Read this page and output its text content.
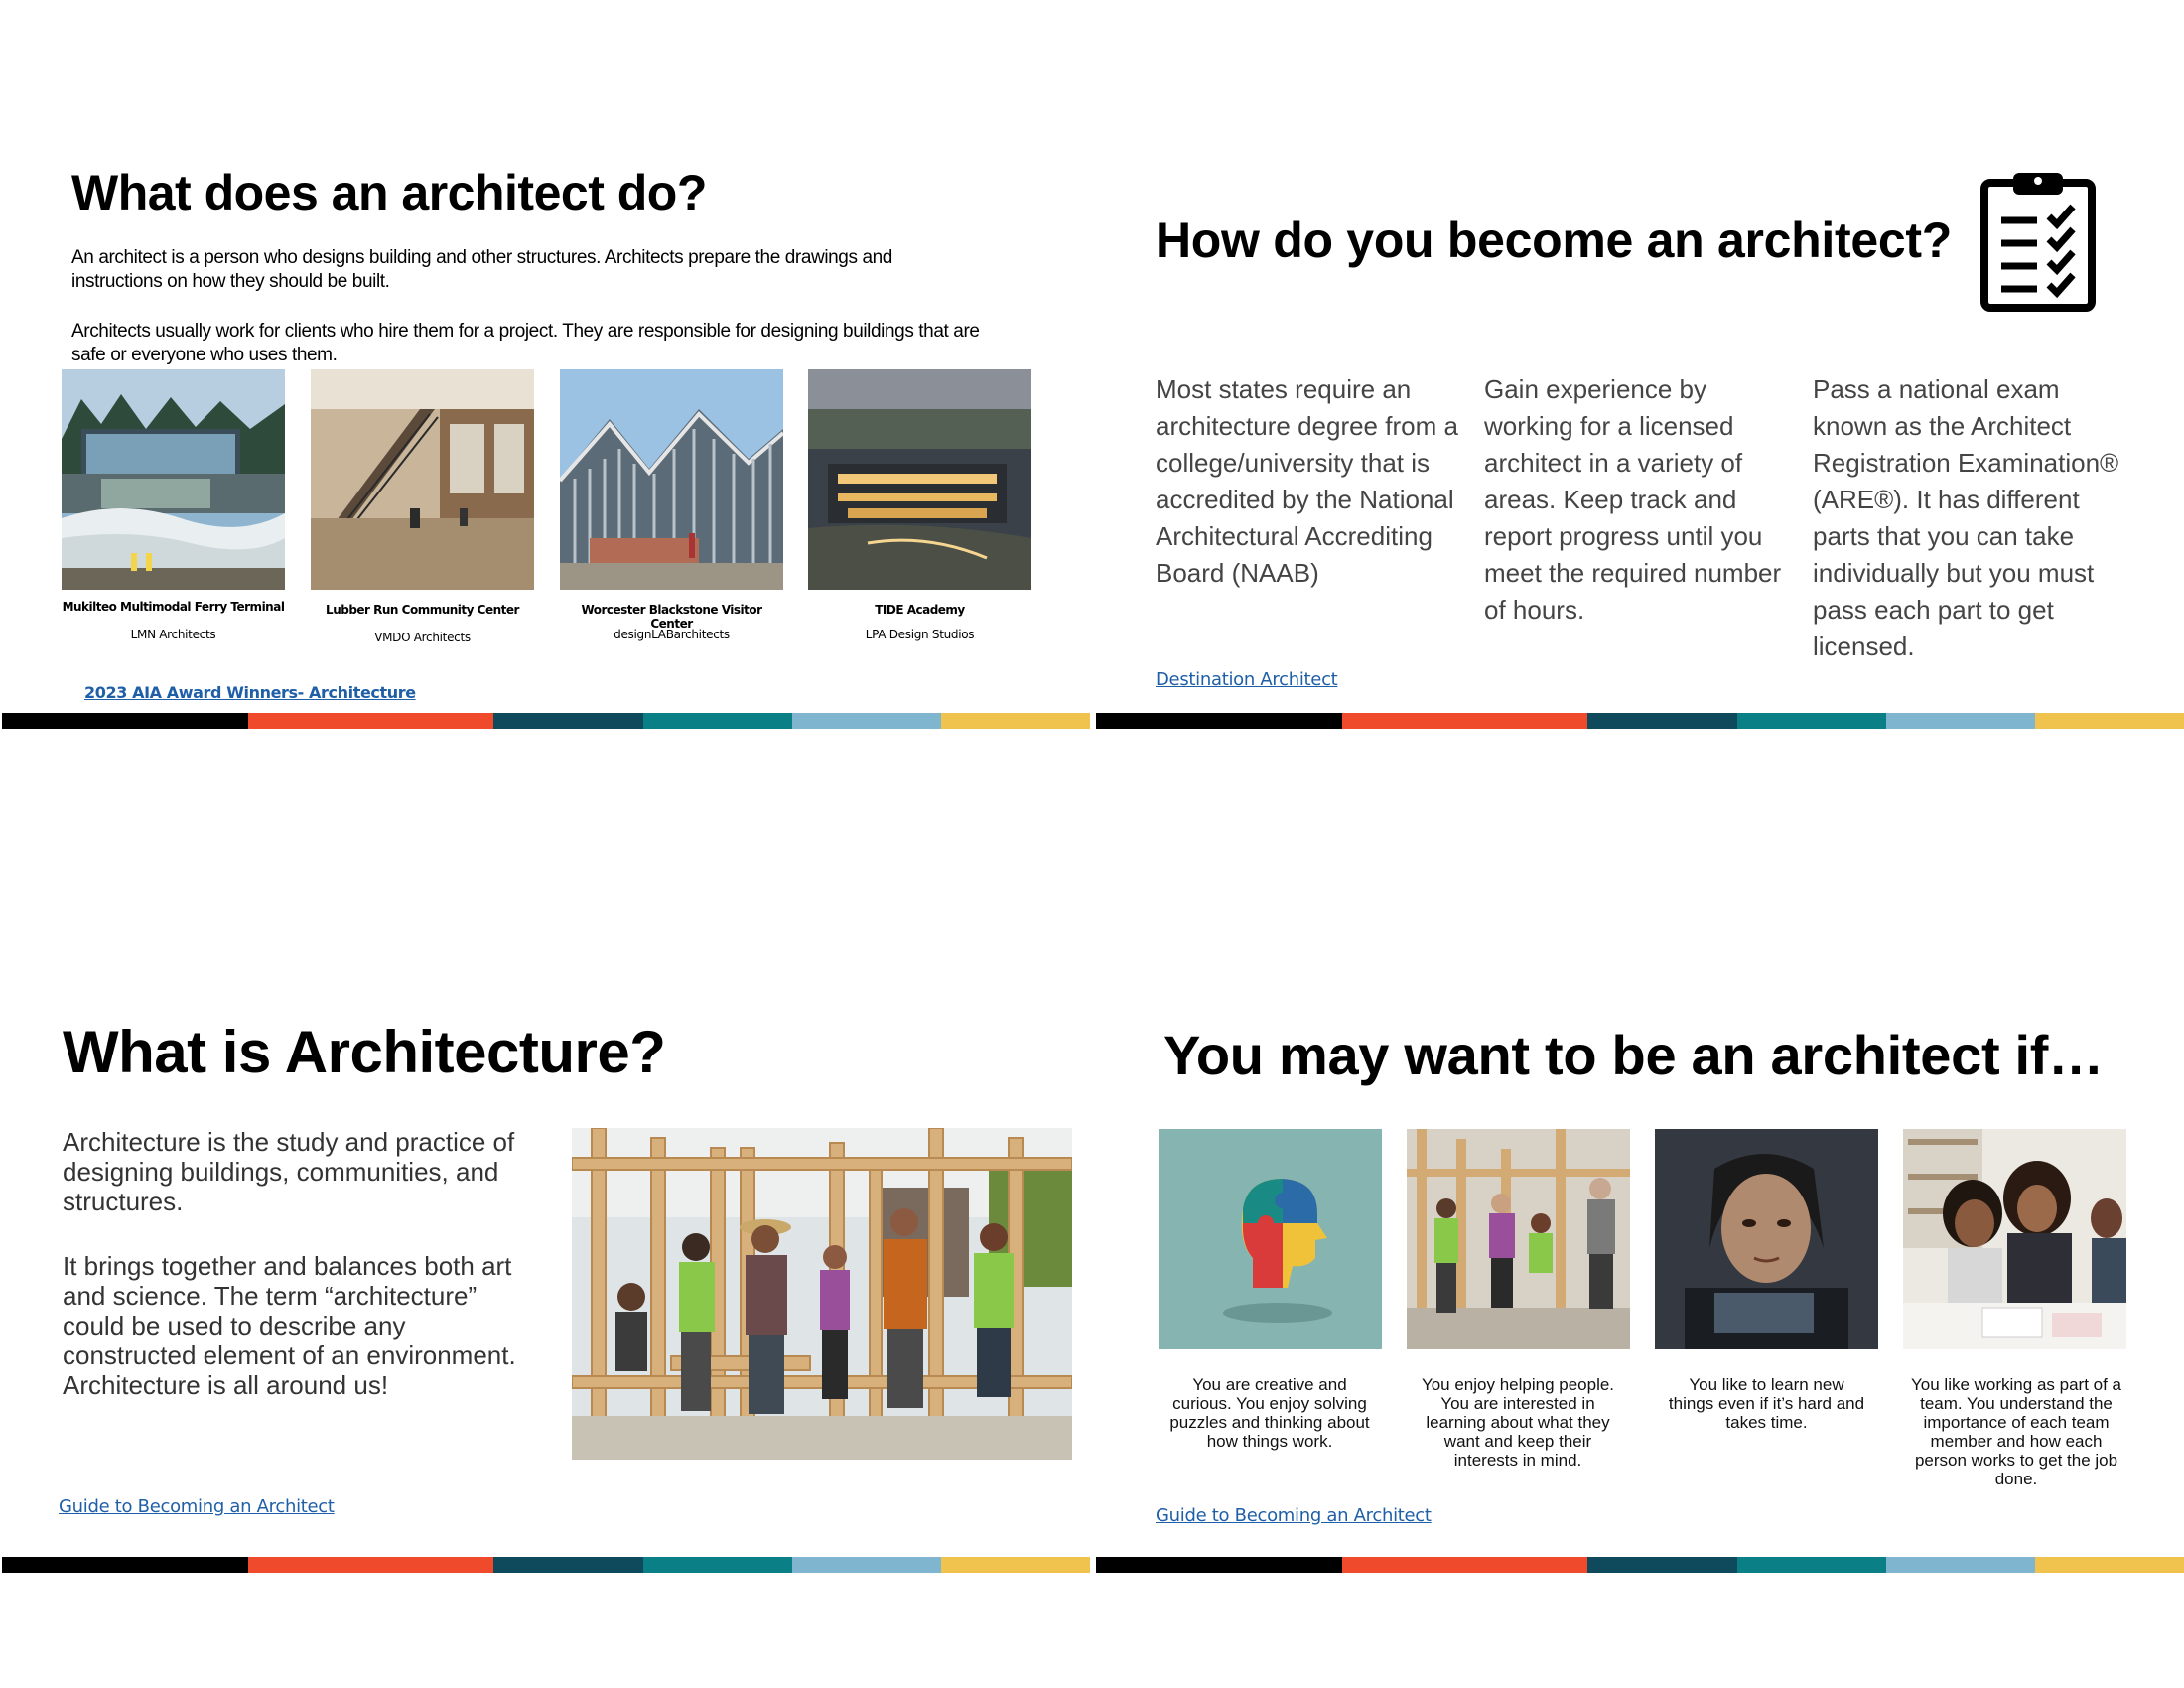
What does an architect do?
An architect is a person who designs building and other structures. Architects prepare the drawings and instructions on how they should be built.
Architects usually work for clients who hire them for a project. They are responsible for designing buildings that are safe or everyone who uses them.
Mukilteo Multimodal Ferry Terminal
LMN Architects
Lubber Run Community Center
VMDO Architects
Worcester Blackstone Visitor Center
designLABarchitects
TIDE Academy
LPA Design Studios
2023 AIA Award Winners- Architecture
How do you become an architect?
Most states require an architecture degree from a college/university that is accredited by the National Architectural Accrediting Board (NAAB)
Gain experience by working for a licensed architect in a variety of areas. Keep track and report progress until you meet the required number of hours.
Pass a national exam known as the Architect Registration Examination® (ARE®). It has different parts that you can take individually but you must pass each part to get licensed.
Destination Architect
What is Architecture?
Architecture is the study and practice of designing buildings, communities, and structures.
It brings together and balances both art and science. The term “architecture” could be used to describe any constructed element of an environment. Architecture is all around us!
Guide to Becoming an Architect
You may want to be an architect if…
You are creative and curious. You enjoy solving puzzles and thinking about how things work.
You enjoy helping people. You are interested in learning about what they want and keep their interests in mind.
You like to learn new things even if it’s hard and takes time.
You like working as part of a team. You understand the importance of each team member and how each person works to get the job done.
Guide to Becoming an Architect
